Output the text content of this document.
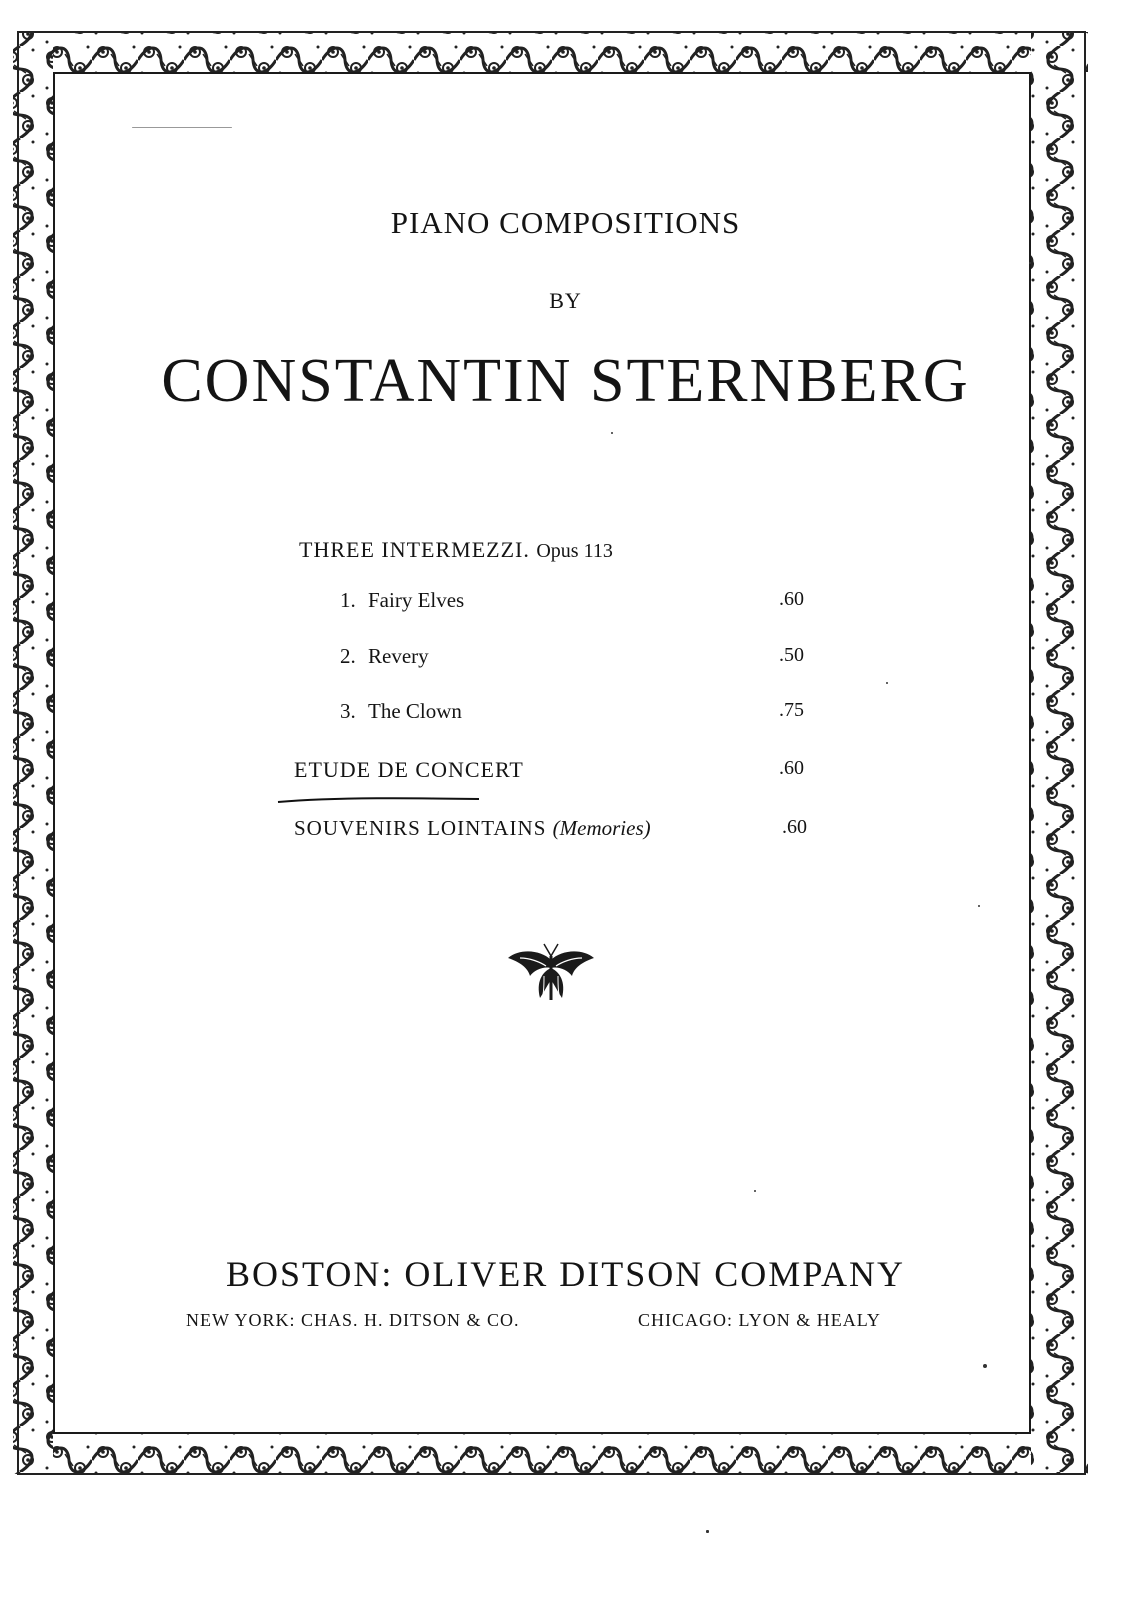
PIANO COMPOSITIONS
BY
CONSTANTIN STERNBERG
THREE INTERMEZZI. Opus 113
1. Fairy Elves	.60
2. Revery	.50
3. The Clown	.75
ETUDE DE CONCERT	.60
SOUVENIRS LOINTAINS (Memories)	.60
BOSTON: OLIVER DITSON COMPANY
NEW YORK: CHAS. H. DITSON & CO.	CHICAGO: LYON & HEALY
